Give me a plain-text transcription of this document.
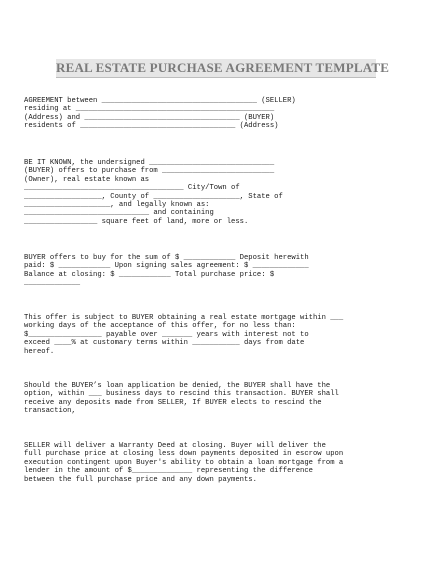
REAL ESTATE PURCHASE AGREEMENT TEMPLATE

AGREEMENT between ____________________________________ (SELLER)
residing at ______________________________________________
(Address) and ____________________________________ (BUYER)
residents of ____________________________________ (Address)

BE IT KNOWN, the undersigned _____________________________
(BUYER) offers to purchase from __________________________
(Owner), real estate known as
_____________________________________ City/Town of
__________________, County of ____________________, State of
____________________, and legally known as:
_____________________________ and containing
_________________ square feet of land, more or less.

BUYER offers to buy for the sum of $ ____________ Deposit herewith
paid: $ ____________ Upon signing sales agreement: $ _____________
Balance at closing: $ ____________ Total purchase price: $
_____________

This offer is subject to BUYER obtaining a real estate mortgage within ___
working days of the acceptance of this offer, for no less than:
$_________________ payable over _______ years with interest not to
exceed ____% at customary terms within ___________ days from date
hereof.

Should the BUYER’s loan application be denied, the BUYER shall have the
option, within ___ business days to rescind this transaction. BUYER shall
receive any deposits made from SELLER, If BUYER elects to rescind the
transaction,

SELLER will deliver a Warranty Deed at closing. Buyer will deliver the
full purchase price at closing less down payments deposited in escrow upon
execution contingent upon Buyer's ability to obtain a loan mortgage from a
lender in the amount of $______________ representing the difference
between the full purchase price and any down payments.
